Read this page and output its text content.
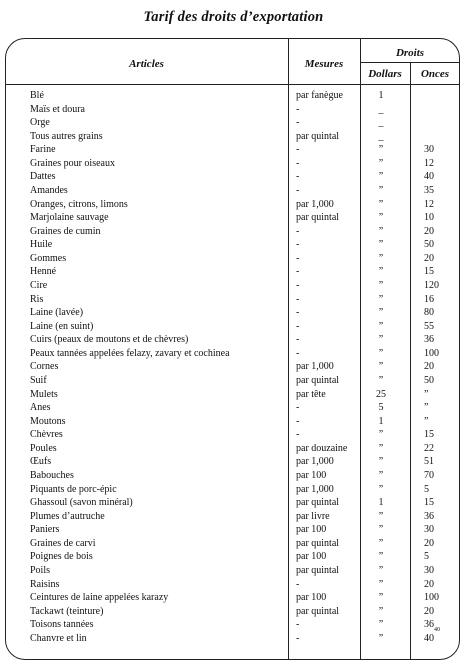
Tarif des droits d’exportation
Articles	Mesures
Droits
Dollars	Onces
Blé	par fanègue	1
Maïs et doura	-	_
Orge	-	_
Tous autres grains	par quintal	_
Farine	-	”	30
Graines pour oiseaux	-	”	12
Dattes	-	”	40
Amandes	-	”	35
Oranges, citrons, limons	par 1,000	”	12
Marjolaine sauvage	par quintal	”	10
Graines de cumin	-	”	20
Huile	-	”	50
Gommes	-	”	20
Henné	-	”	15
Cire	-	”	120
Ris	-	”	16
Laine (lavée)	-	”	80
Laine (en suint)	-	”	55
Cuirs (peaux de moutons et de chèvres)	-	”	36
Peaux tannées appelées felazy, zavary et cochinea	-	”	100
Cornes	par 1,000	”	20
Suif	par quintal	”	50
Mulets	par tête	25	”
Anes	-	5	”
Moutons	-	1	”
Chèvres	-	”	15
Poules	par douzaine	”	22
Œufs	par 1,000	”	51
Babouches	par 100	”	70
Piquants de porc-épic	par 1,000	”	5
Ghassoul (savon minéral)	par quintal	1	15
Plumes d’autruche	par livre	”	36
Paniers	par 100	”	30
Graines de carvi	par quintal	”	20
Poignes de bois	par 100	”	5
Poils	par quintal	”	30
Raisins	-	”	20
Ceintures de laine appelées karazy	par 100	”	100
Tackawt (teinture)	par quintal	”	20
Toisons tannées	-	”	36
Chanvre et lin	-	”	40
40
